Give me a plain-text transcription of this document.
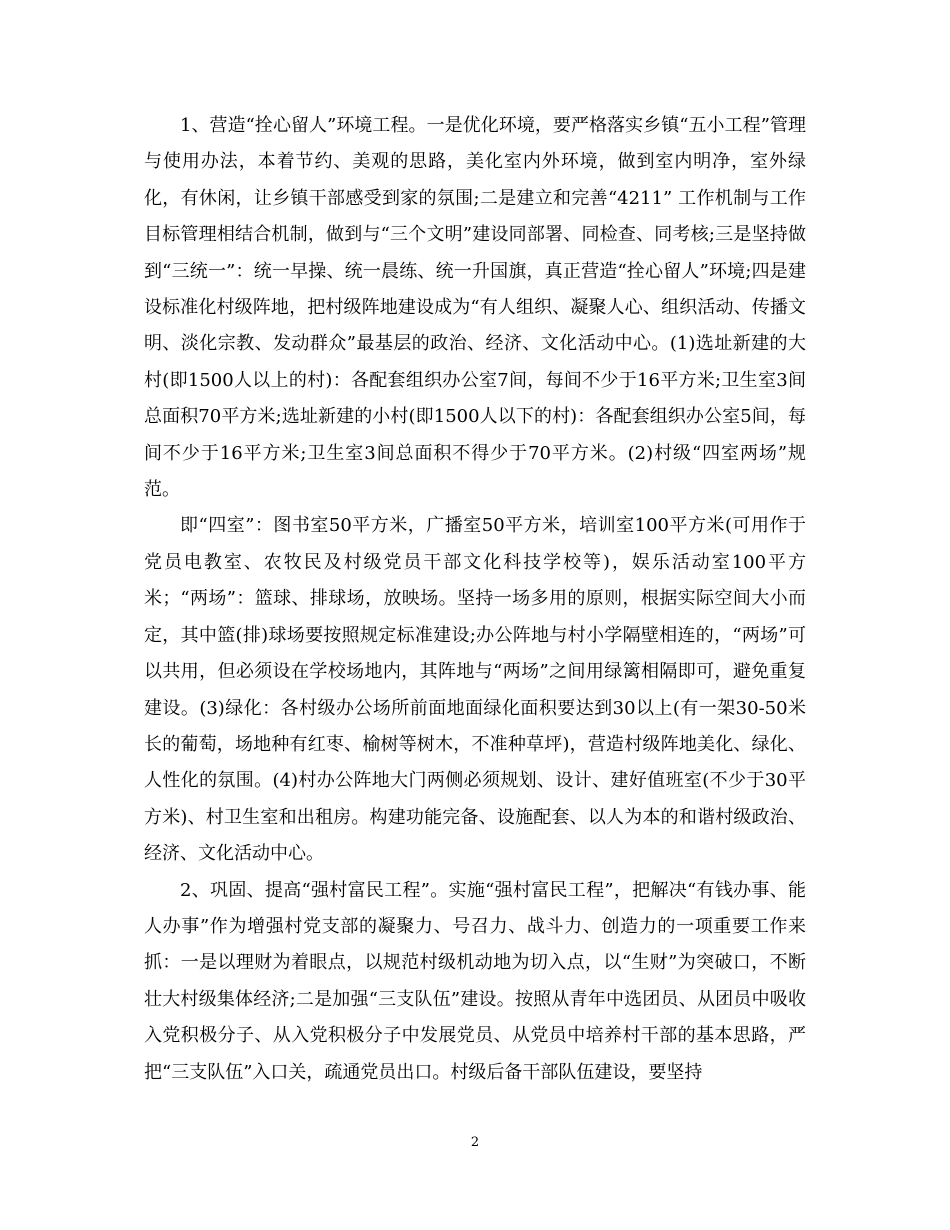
1、营造“拴心留人”环境工程。一是优化环境，要严格落实乡镇“五小工程”管理与使用办法，本着节约、美观的思路，美化室内外环境，做到室内明净，室外绿化，有休闲，让乡镇干部感受到家的氛围;二是建立和完善“4211” 工作机制与工作目标管理相结合机制，做到与“三个文明”建设同部署、同检查、同考核;三是坚持做到“三统一”：统一早操、统一晨练、统一升国旗，真正营造“拴心留人”环境;四是建设标准化村级阵地，把村级阵地建设成为“有人组织、凝聚人心、组织活动、传播文明、淡化宗教、发动群众”最基层的政治、经济、文化活动中心。(1)选址新建的大村(即1500人以上的村)：各配套组织办公室7间，每间不少于16平方米;卫生室3间总面积70平方米;选址新建的小村(即1500人以下的村)：各配套组织办公室5间，每间不少于16平方米;卫生室3间总面积不得少于70平方米。(2)村级“四室两场”规范。

即“四室”：图书室50平方米，广播室50平方米，培训室100平方米(可用作于党员电教室、农牧民及村级党员干部文化科技学校等)，娱乐活动室100平方米；“两场”：篮球、排球场，放映场。坚持一场多用的原则，根据实际空间大小而定，其中篮(排)球场要按照规定标准建设;办公阵地与村小学隔壁相连的，“两场”可以共用，但必须设在学校场地内，其阵地与“两场”之间用绿篱相隔即可，避免重复建设。(3)绿化：各村级办公场所前面地面绿化面积要达到30以上(有一架30-50米长的葡萄，场地种有红枣、榆树等树木，不准种草坪)，营造村级阵地美化、绿化、人性化的氛围。(4)村办公阵地大门两侧必须规划、设计、建好值班室(不少于30平方米)、村卫生室和出租房。构建功能完备、设施配套、以人为本的和谐村级政治、经济、文化活动中心。

2、巩固、提高“强村富民工程”。实施“强村富民工程”，把解决“有钱办事、能人办事”作为增强村党支部的凝聚力、号召力、战斗力、创造力的一项重要工作来抓：一是以理财为着眼点，以规范村级机动地为切入点，以“生财”为突破口，不断壮大村级集体经济;二是加强“三支队伍”建设。按照从青年中选团员、从团员中吸收入党积极分子、从入党积极分子中发展党员、从党员中培养村干部的基本思路，严把“三支队伍”入口关，疏通党员出口。村级后备干部队伍建设，要坚持

2
